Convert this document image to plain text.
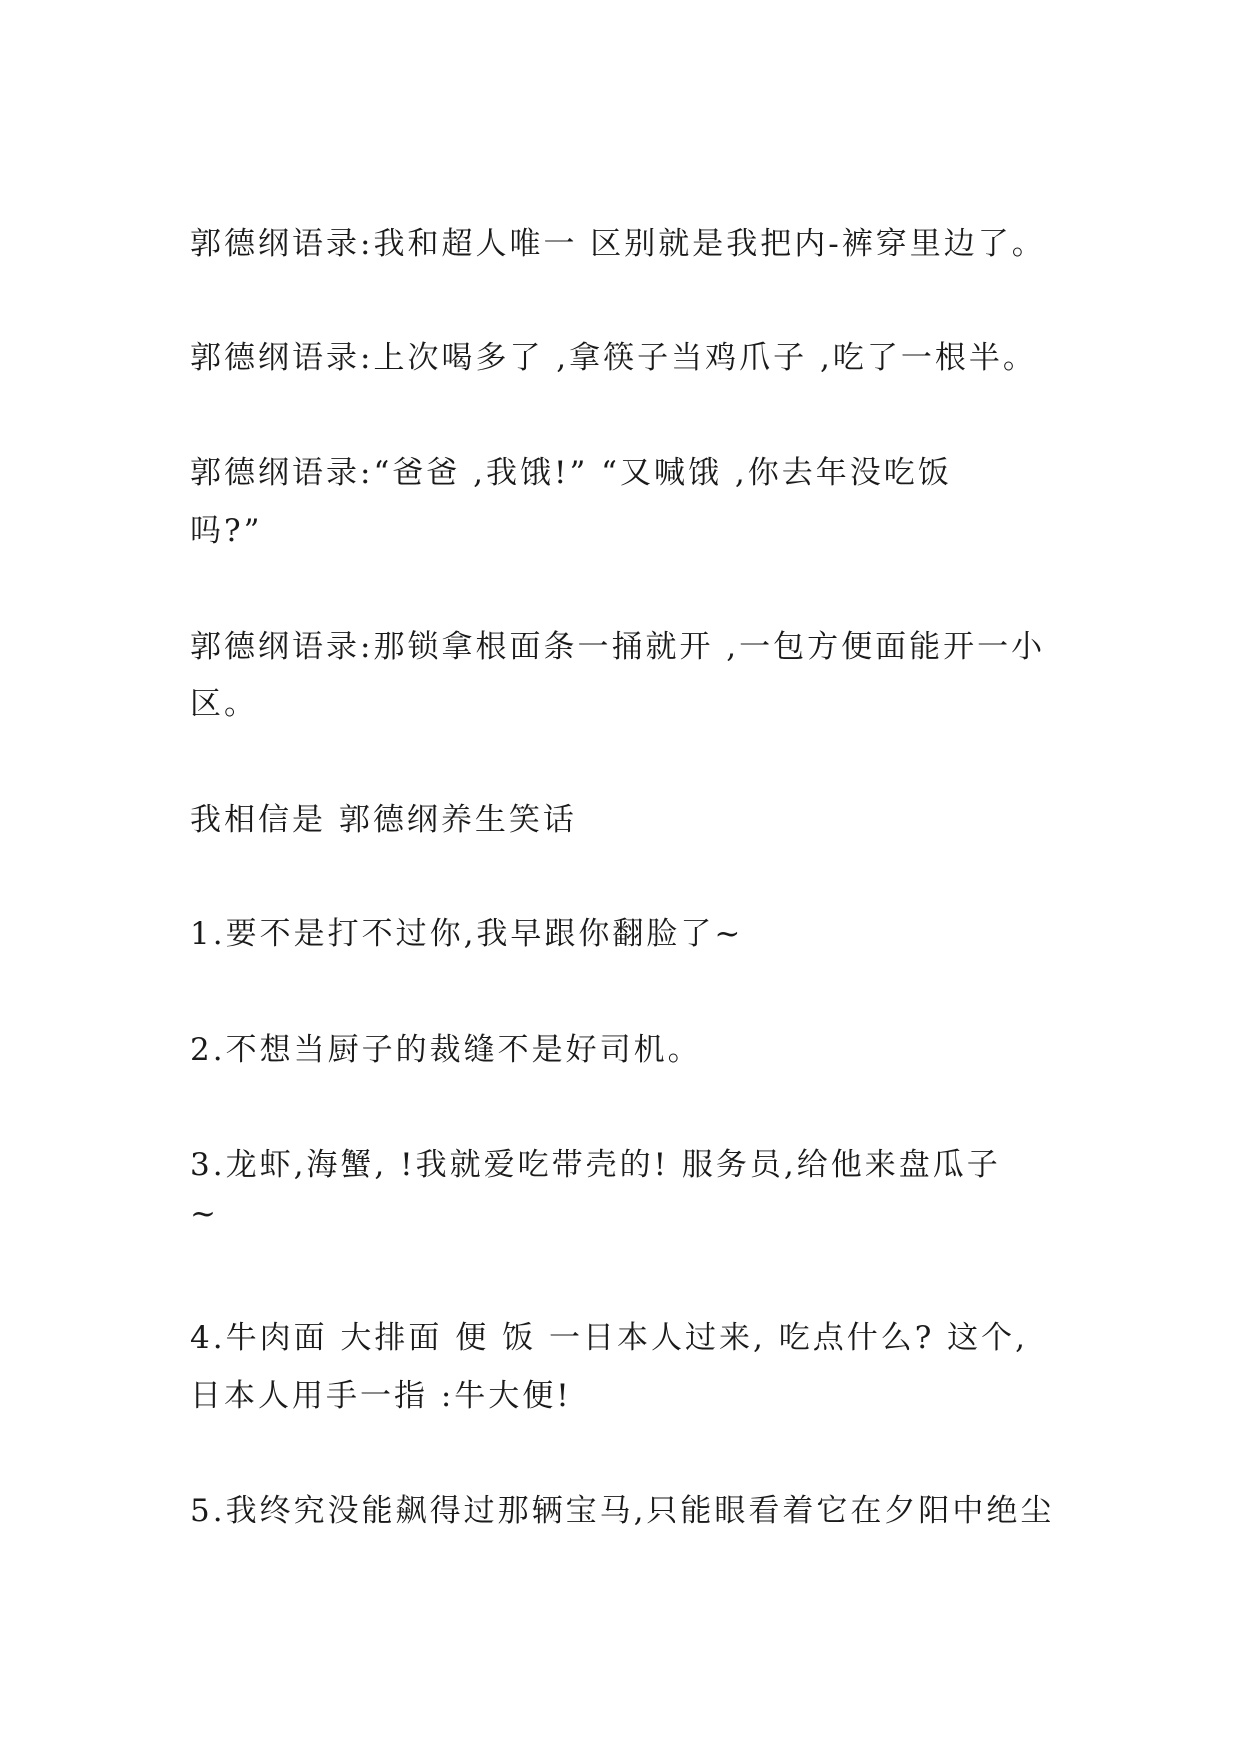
郭德纲语录:我和超人唯一 区别就是我把内-裤穿里边了。
郭德纲语录:上次喝多了 ,拿筷子当鸡爪子 ,吃了一根半。
郭德纲语录:“爸爸 ,我饿!” “又喊饿 ,你去年没吃饭
吗?”
郭德纲语录:那锁拿根面条一捅就开 ,一包方便面能开一小
区。
我相信是 郭德纲养生笑话
1.要不是打不过你,我早跟你翻脸了~
2.不想当厨子的裁缝不是好司机。
3.龙虾,海蟹, !我就爱吃带壳的! 服务员,给他来盘瓜子
~
4.牛肉面 大排面 便 饭 一日本人过来, 吃点什么? 这个,
日本人用手一指 :牛大便!
5.我终究没能飙得过那辆宝马,只能眼看着它在夕阳中绝尘
